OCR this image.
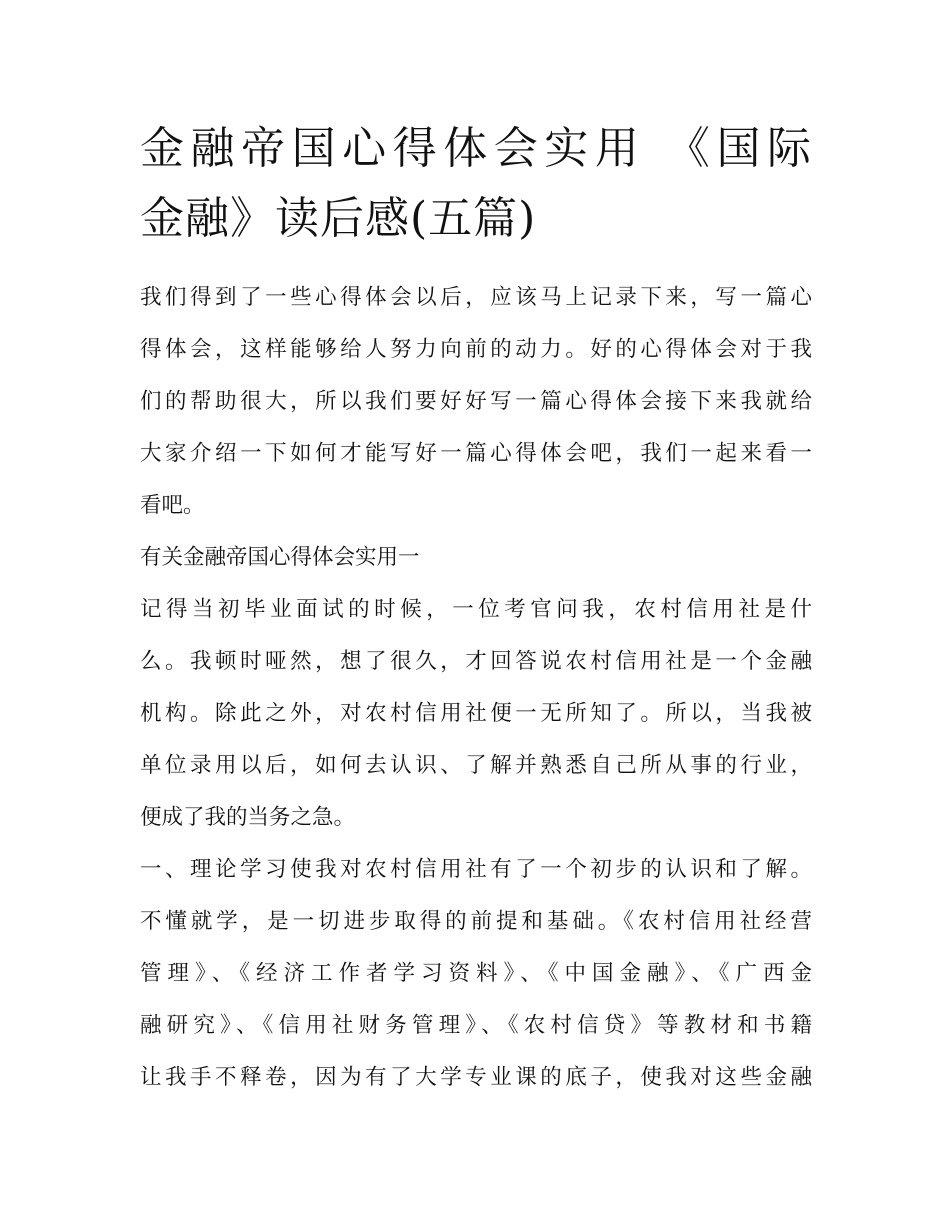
金融帝国心得体会实用 《国际
金融》读后感(五篇)

我们得到了一些心得体会以后，应该马上记录下来，写一篇心
得体会，这样能够给人努力向前的动力。好的心得体会对于我
们的帮助很大，所以我们要好好写一篇心得体会接下来我就给
大家介绍一下如何才能写好一篇心得体会吧，我们一起来看一
看吧。

有关金融帝国心得体会实用一

记得当初毕业面试的时候，一位考官问我，农村信用社是什
么。我顿时哑然，想了很久，才回答说农村信用社是一个金融
机构。除此之外，对农村信用社便一无所知了。所以，当我被
单位录用以后，如何去认识、了解并熟悉自己所从事的行业，
便成了我的当务之急。

一、理论学习使我对农村信用社有了一个初步的认识和了解。
不懂就学，是一切进步取得的前提和基础。《农村信用社经营
管理》、《经济工作者学习资料》、《中国金融》、《广西金
融研究》、《信用社财务管理》、《农村信贷》等教材和书籍
让我手不释卷，因为有了大学专业课的底子，使我对这些金融
